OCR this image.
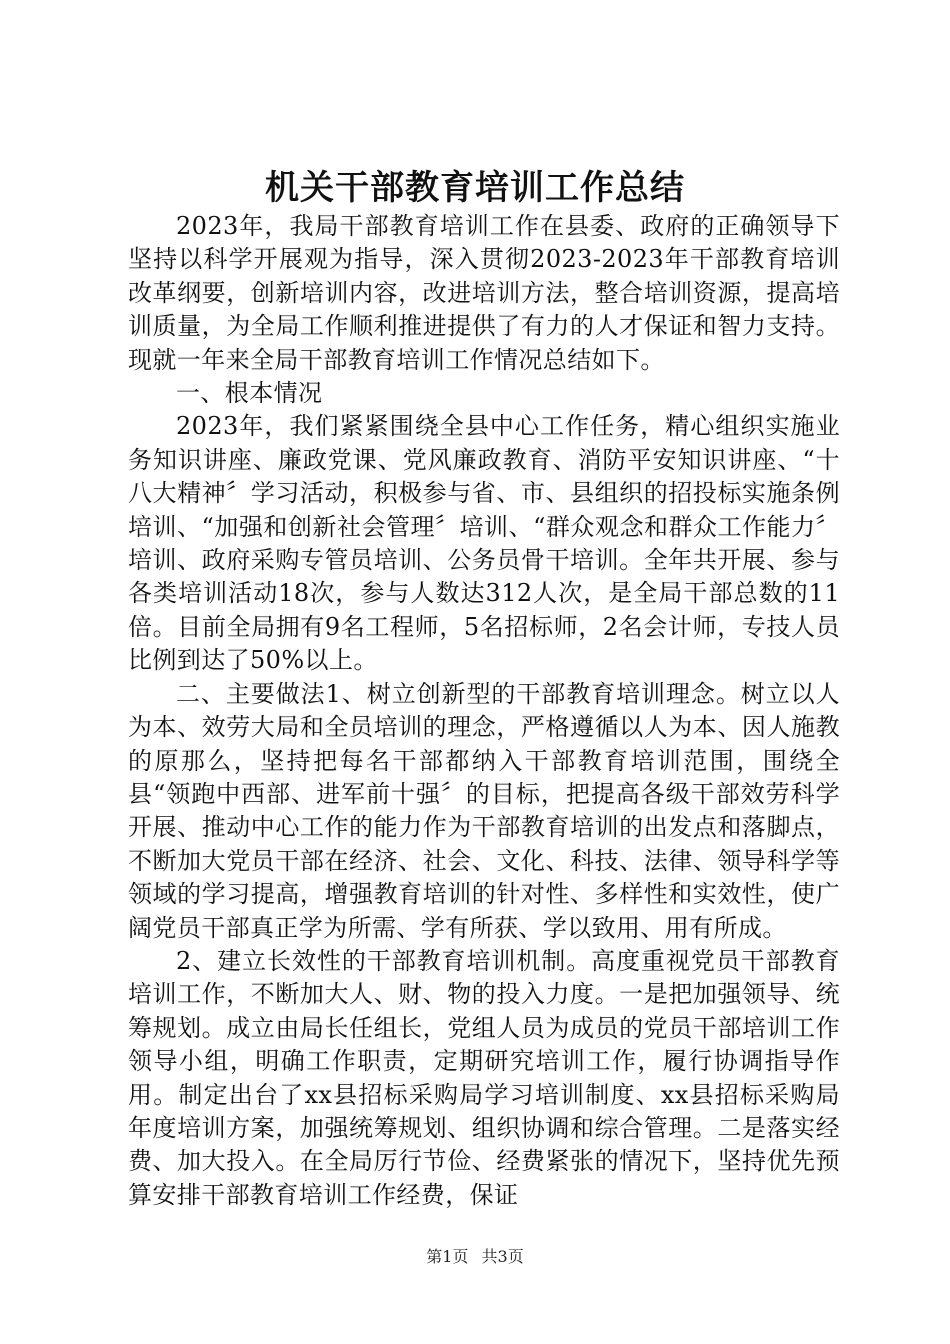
机关干部教育培训工作总结

2023年，我局干部教育培训工作在县委、政府的正确领导下坚持以科学开展观为指导，深入贯彻2023-2023年干部教育培训改革纲要，创新培训内容，改进培训方法，整合培训资源，提高培训质量，为全局工作顺利推进提供了有力的人才保证和智力支持。现就一年来全局干部教育培训工作情况总结如下。

一、根本情况

2023年，我们紧紧围绕全县中心工作任务，精心组织实施业务知识讲座、廉政党课、党风廉政教育、消防平安知识讲座、“十八大精神〞学习活动，积极参与省、市、县组织的招投标实施条例培训、“加强和创新社会管理〞培训、“群众观念和群众工作能力〞培训、政府采购专管员培训、公务员骨干培训。全年共开展、参与各类培训活动18次，参与人数达312人次，是全局干部总数的11倍。目前全局拥有9名工程师，5名招标师，2名会计师，专技人员比例到达了50%以上。

二、主要做法1、树立创新型的干部教育培训理念。树立以人为本、效劳大局和全员培训的理念，严格遵循以人为本、因人施教的原那么，坚持把每名干部都纳入干部教育培训范围，围绕全县“领跑中西部、进军前十强〞的目标，把提高各级干部效劳科学开展、推动中心工作的能力作为干部教育培训的出发点和落脚点，不断加大党员干部在经济、社会、文化、科技、法律、领导科学等领域的学习提高，增强教育培训的针对性、多样性和实效性，使广阔党员干部真正学为所需、学有所获、学以致用、用有所成。

2、建立长效性的干部教育培训机制。高度重视党员干部教育培训工作，不断加大人、财、物的投入力度。一是把加强领导、统筹规划。成立由局长任组长，党组人员为成员的党员干部培训工作领导小组，明确工作职责，定期研究培训工作，履行协调指导作用。制定出台了xx县招标采购局学习培训制度、xx县招标采购局年度培训方案，加强统筹规划、组织协调和综合管理。二是落实经费、加大投入。在全局厉行节俭、经费紧张的情况下，坚持优先预算安排干部教育培训工作经费，保证

第1页 共3页
